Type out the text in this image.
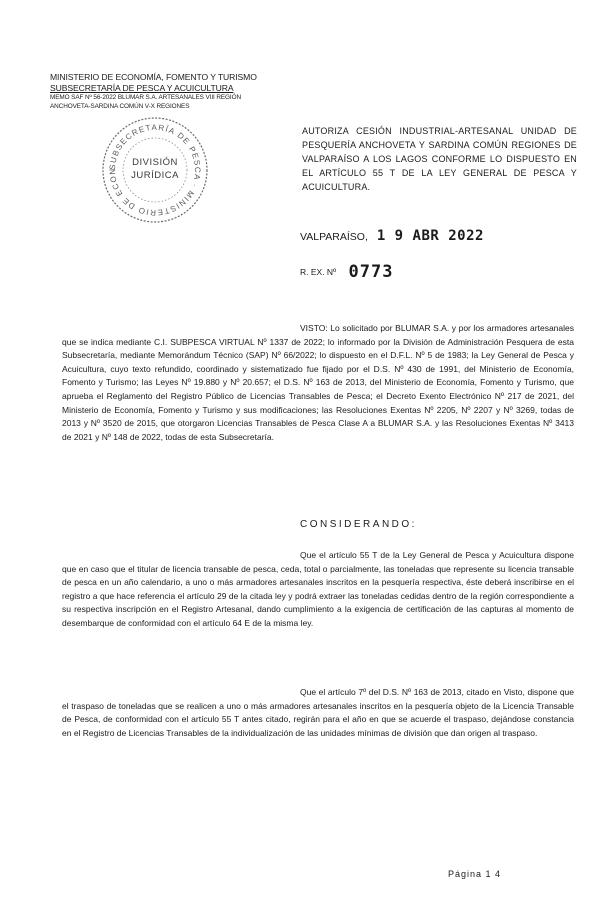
MINISTERIO DE ECONOMÍA, FOMENTO Y TURISMO
SUBSECRETARÍA DE PESCA Y ACUICULTURA
MEMO SAF Nº 56-2022 BLUMAR S.A. ARTESANALES VIII REGIÓN
ANCHOVETA-SARDINA COMÚN V-X REGIONES
SUBSECRETARÍA DE PESCA · MINISTERIO DE ECON
DIVISIÓN
JURÍDICA
AUTORIZA CESIÓN INDUSTRIAL-ARTESANAL UNIDAD DE PESQUERÍA ANCHOVETA Y SARDINA COMÚN REGIONES DE VALPARAÍSO A LOS LAGOS CONFORME LO DISPUESTO EN EL ARTÍCULO 55 T DE LA LEY GENERAL DE PESCA Y ACUICULTURA.
VALPARAÍSO, 1 9 ABR 2022
R. EX. Nº 0773
VISTO: Lo solicitado por BLUMAR S.A. y por los armadores artesanales que se indica mediante C.I. SUBPESCA VIRTUAL Nº 1337 de 2022; lo informado por la División de Administración Pesquera de esta Subsecretaría, mediante Memorándum Técnico (SAP) Nº 66/2022; lo dispuesto en el D.F.L. Nº 5 de 1983; la Ley General de Pesca y Acuicultura, cuyo texto refundido, coordinado y sistematizado fue fijado por el D.S. Nº 430 de 1991, del Ministerio de Economía, Fomento y Turismo; las Leyes Nº 19.880 y Nº 20.657; el D.S. Nº 163 de 2013, del Ministerio de Economía, Fomento y Turismo, que aprueba el Reglamento del Registro Público de Licencias Transables de Pesca; el Decreto Exento Electrónico Nº 217 de 2021, del Ministerio de Economía, Fomento y Turismo y sus modificaciones; las Resoluciones Exentas Nº 2205, Nº 2207 y Nº 3269, todas de 2013 y Nº 3520 de 2015, que otorgaron Licencias Transables de Pesca Clase A a BLUMAR S.A. y las Resoluciones Exentas Nº 3413 de 2021 y Nº 148 de 2022, todas de esta Subsecretaría.
CONSIDERANDO:
Que el artículo 55 T de la Ley General de Pesca y Acuicultura dispone que en caso que el titular de licencia transable de pesca, ceda, total o parcialmente, las toneladas que represente su licencia transable de pesca en un año calendario, a uno o más armadores artesanales inscritos en la pesquería respectiva, éste deberá inscribirse en el registro a que hace referencia el artículo 29 de la citada ley y podrá extraer las toneladas cedidas dentro de la región correspondiente a su respectiva inscripción en el Registro Artesanal, dando cumplimiento a la exigencia de certificación de las capturas al momento de desembarque de conformidad con el artículo 64 E de la misma ley.
Que el artículo 7º del D.S. Nº 163 de 2013, citado en Visto, dispone que el traspaso de toneladas que se realicen a uno o más armadores artesanales inscritos en la pesquería objeto de la Licencia Transable de Pesca, de conformidad con el artículo 55 T antes citado, regirán para el año en que se acuerde el traspaso, dejándose constancia en el Registro de Licencias Transables de la individualización de las unidades mínimas de división que dan origen al traspaso.
Página 1 4
